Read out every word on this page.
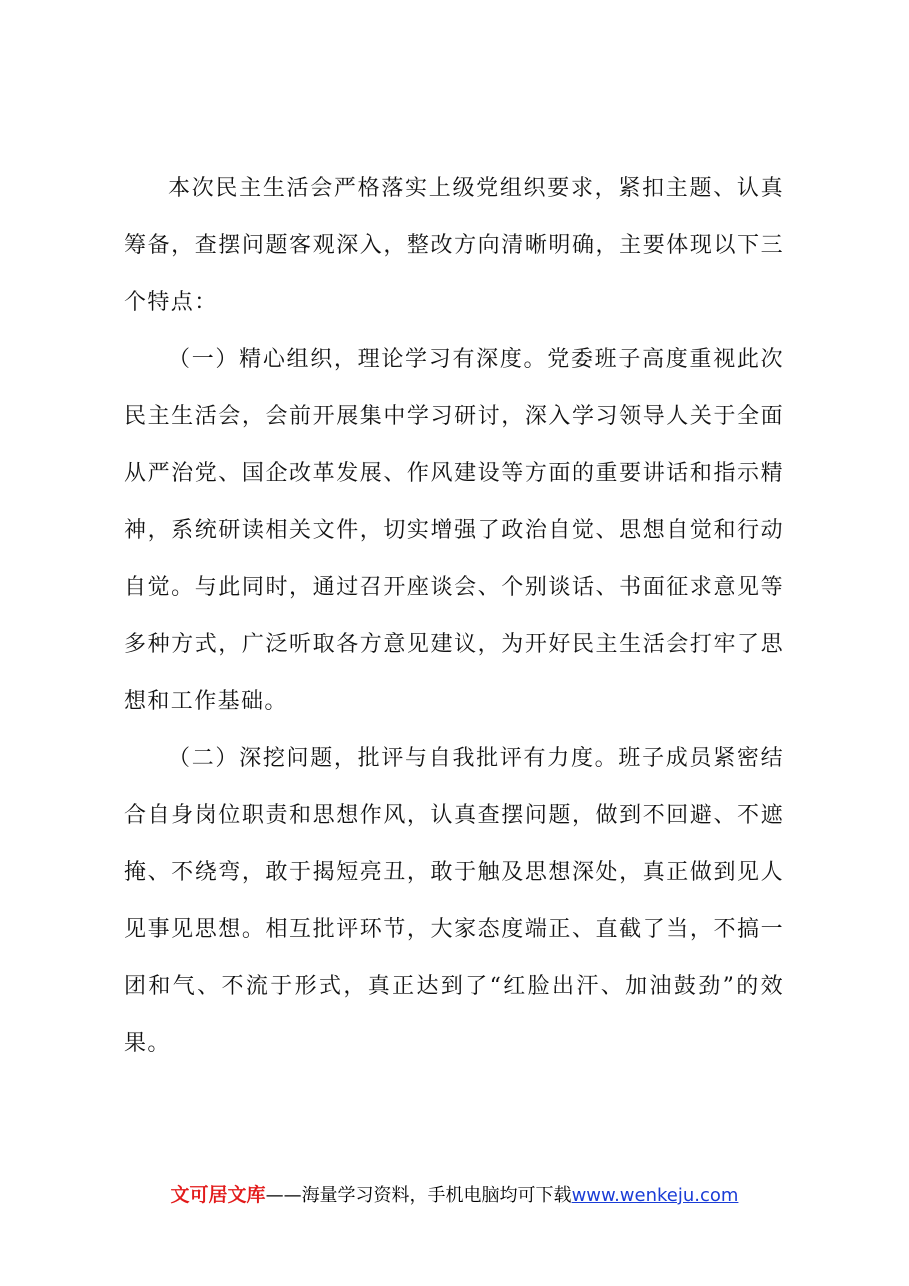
本次民主生活会严格落实上级党组织要求，紧扣主题、认真筹备，查摆问题客观深入，整改方向清晰明确，主要体现以下三个特点：

（一）精心组织，理论学习有深度。党委班子高度重视此次民主生活会，会前开展集中学习研讨，深入学习领导人关于全面从严治党、国企改革发展、作风建设等方面的重要讲话和指示精神，系统研读相关文件，切实增强了政治自觉、思想自觉和行动自觉。与此同时，通过召开座谈会、个别谈话、书面征求意见等多种方式，广泛听取各方意见建议，为开好民主生活会打牢了思想和工作基础。

（二）深挖问题，批评与自我批评有力度。班子成员紧密结合自身岗位职责和思想作风，认真查摆问题，做到不回避、不遮掩、不绕弯，敢于揭短亮丑，敢于触及思想深处，真正做到见人见事见思想。相互批评环节，大家态度端正、直截了当，不搞一团和气、不流于形式，真正达到了“红脸出汗、加油鼓劲”的效果。

文可居文库——海量学习资料，手机电脑均可下载www.wenkeju.com
